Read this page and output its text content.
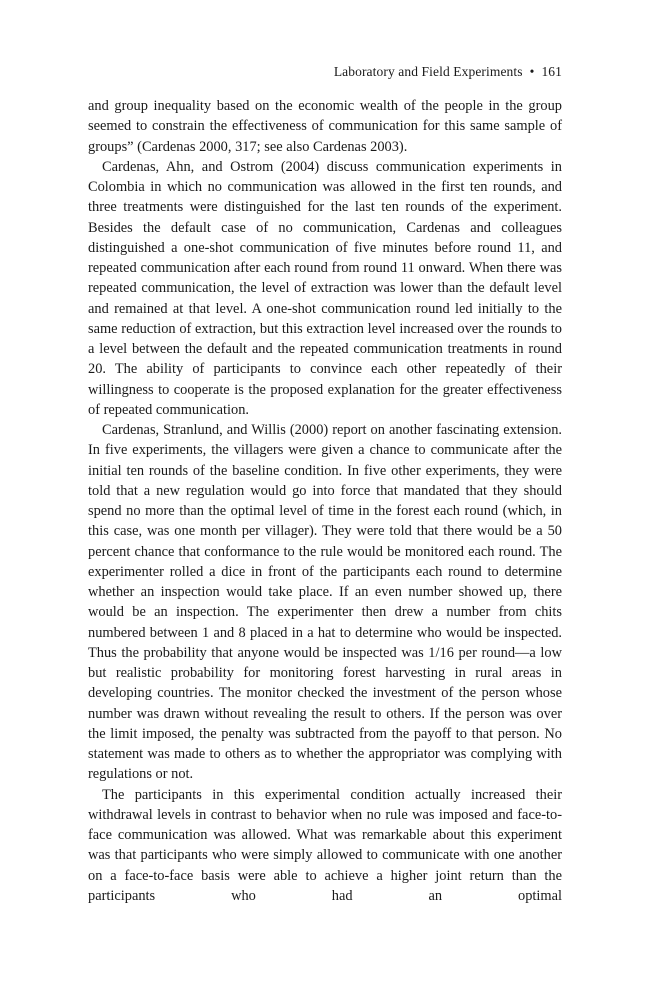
Laboratory and Field Experiments • 161

and group inequality based on the economic wealth of the people in the group seemed to constrain the effectiveness of communication for this same sample of groups” (Cardenas 2000, 317; see also Cardenas 2003).

Cardenas, Ahn, and Ostrom (2004) discuss communication experiments in Colombia in which no communication was allowed in the first ten rounds, and three treatments were distinguished for the last ten rounds of the experiment. Besides the default case of no communication, Cardenas and colleagues distinguished a one-shot communication of five minutes before round 11, and repeated communication after each round from round 11 onward. When there was repeated communication, the level of extraction was lower than the default level and remained at that level. A one-shot communication round led initially to the same reduction of extraction, but this extraction level increased over the rounds to a level between the default and the repeated communication treatments in round 20. The ability of participants to convince each other repeatedly of their willingness to cooperate is the proposed explanation for the greater effectiveness of repeated communication.

Cardenas, Stranlund, and Willis (2000) report on another fascinating extension. In five experiments, the villagers were given a chance to communicate after the initial ten rounds of the baseline condition. In five other experiments, they were told that a new regulation would go into force that mandated that they should spend no more than the optimal level of time in the forest each round (which, in this case, was one month per villager). They were told that there would be a 50 percent chance that conformance to the rule would be monitored each round. The experimenter rolled a dice in front of the participants each round to determine whether an inspection would take place. If an even number showed up, there would be an inspection. The experimenter then drew a number from chits numbered between 1 and 8 placed in a hat to determine who would be inspected. Thus the probability that anyone would be inspected was 1/16 per round—a low but realistic probability for monitoring forest harvesting in rural areas in developing countries. The monitor checked the investment of the person whose number was drawn without revealing the result to others. If the person was over the limit imposed, the penalty was subtracted from the payoff to that person. No statement was made to others as to whether the appropriator was complying with regulations or not.

The participants in this experimental condition actually increased their withdrawal levels in contrast to behavior when no rule was imposed and face-to-face communication was allowed. What was remarkable about this experiment was that participants who were simply allowed to communicate with one another on a face-to-face basis were able to achieve a higher joint return than the participants who had an optimal
